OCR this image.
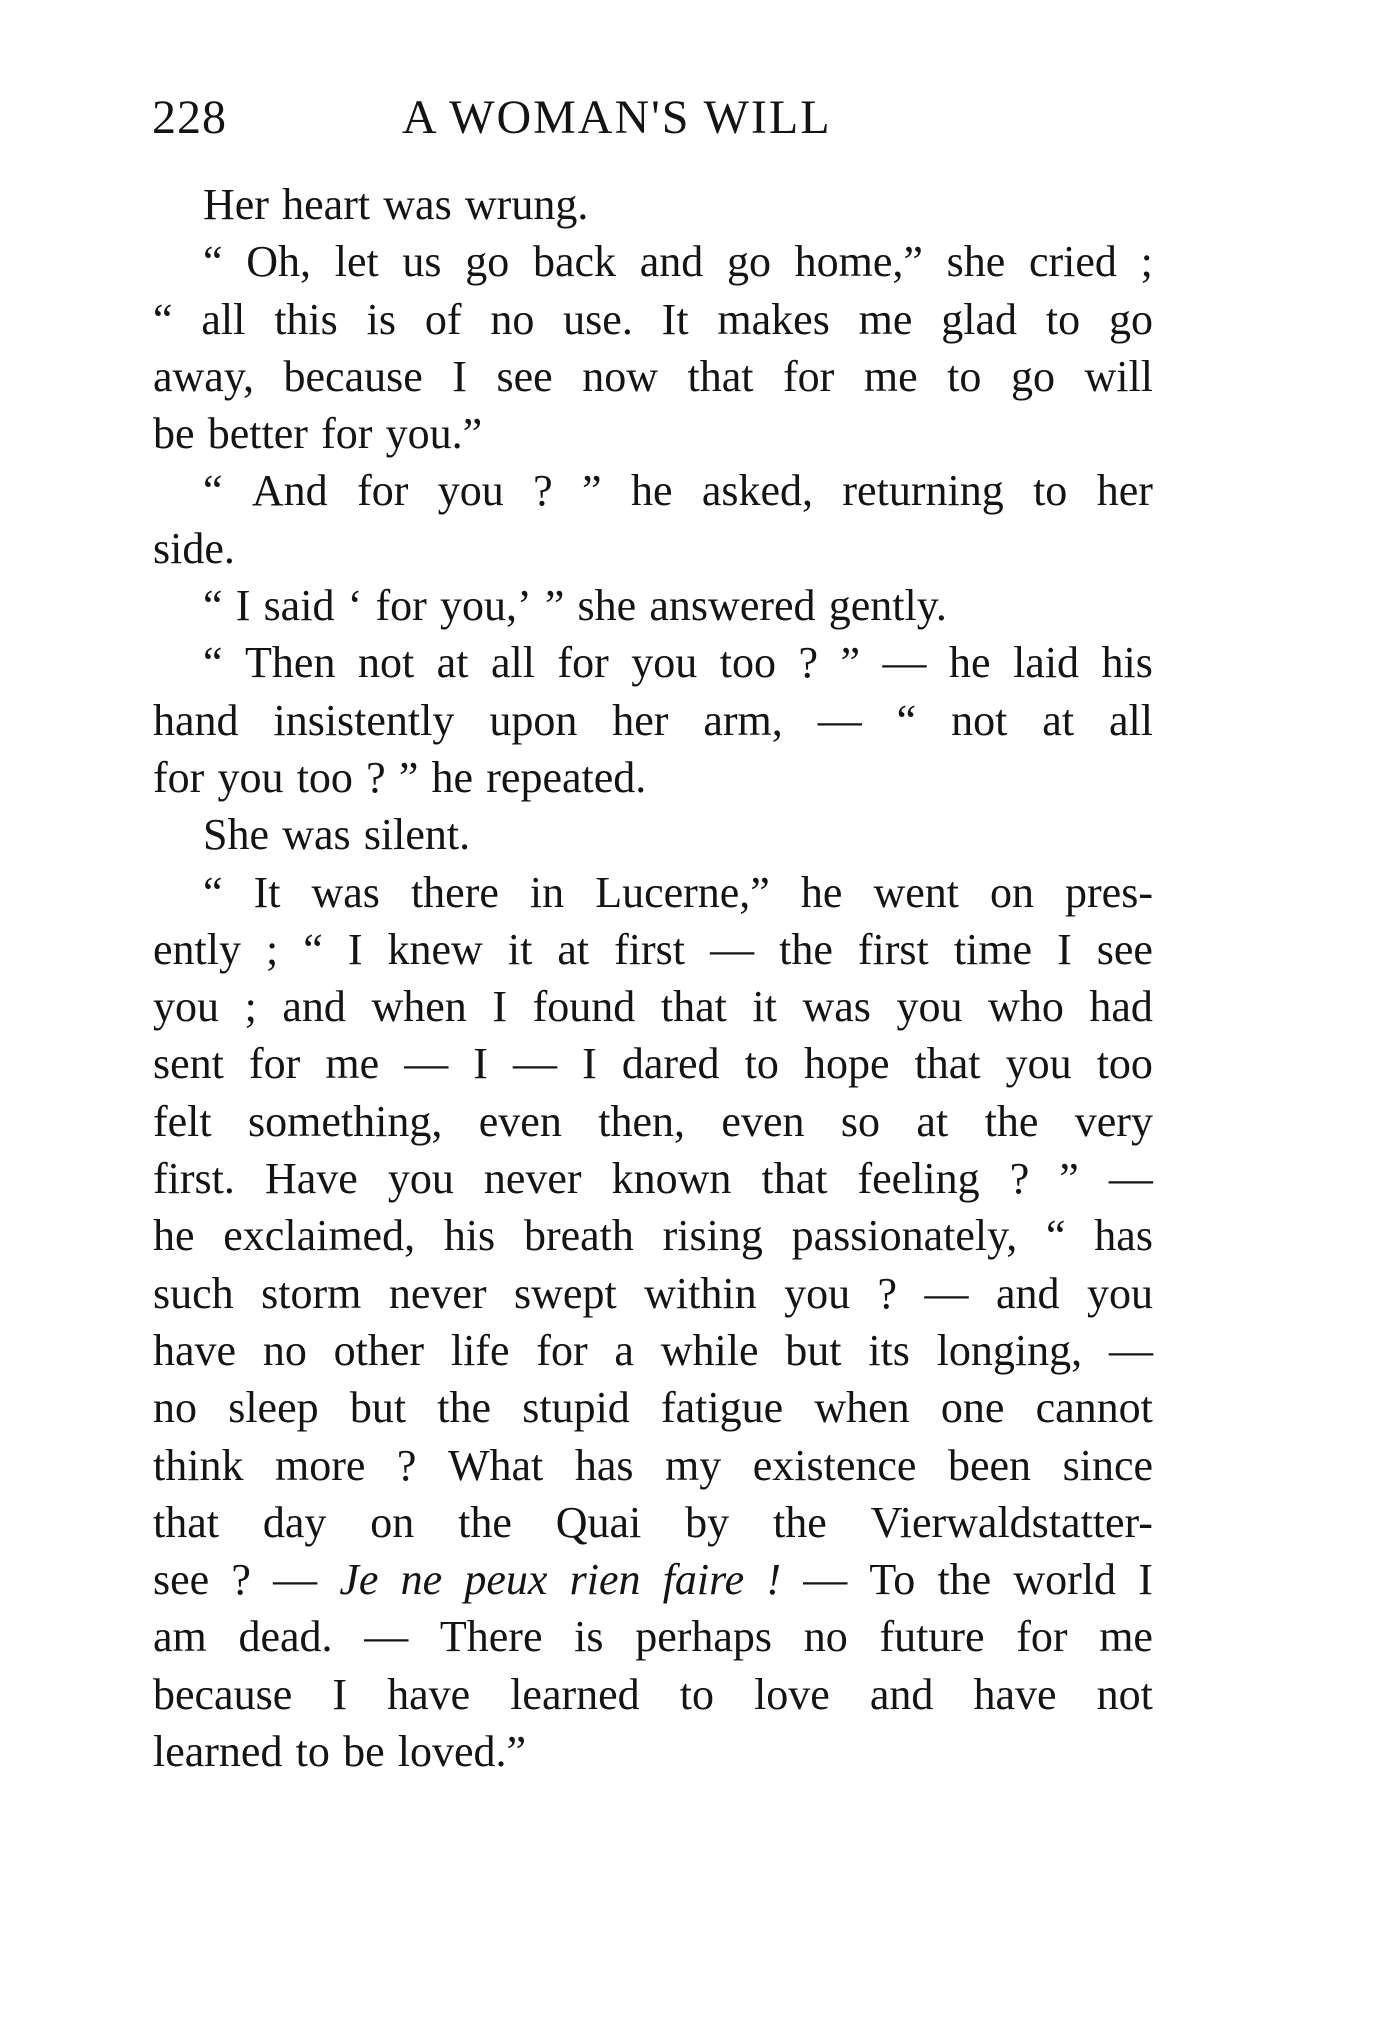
228	A WOMAN'S WILL
Her heart was wrung.
“ Oh, let us go back and go home,” she cried ;
“ all this is of no use. It makes me glad to go
away, because I see now that for me to go will
be better for you.”
“ And for you ? ” he asked, returning to her
side.
“ I said ‘ for you,’ ” she answered gently.
“ Then not at all for you too ? ” — he laid his
hand insistently upon her arm, — “ not at all
for you too ? ” he repeated.
She was silent.
“ It was there in Lucerne,” he went on pres-
ently ; “ I knew it at first — the first time I see
you ; and when I found that it was you who had
sent for me — I — I dared to hope that you too
felt something, even then, even so at the very
first. Have you never known that feeling ? ” —
he exclaimed, his breath rising passionately, “ has
such storm never swept within you ? — and you
have no other life for a while but its longing, —
no sleep but the stupid fatigue when one cannot
think more ? What has my existence been since
that day on the Quai by the Vierwaldstatter-
see ? — Je ne peux rien faire ! — To the world I
am dead. — There is perhaps no future for me
because I have learned to love and have not
learned to be loved.”
